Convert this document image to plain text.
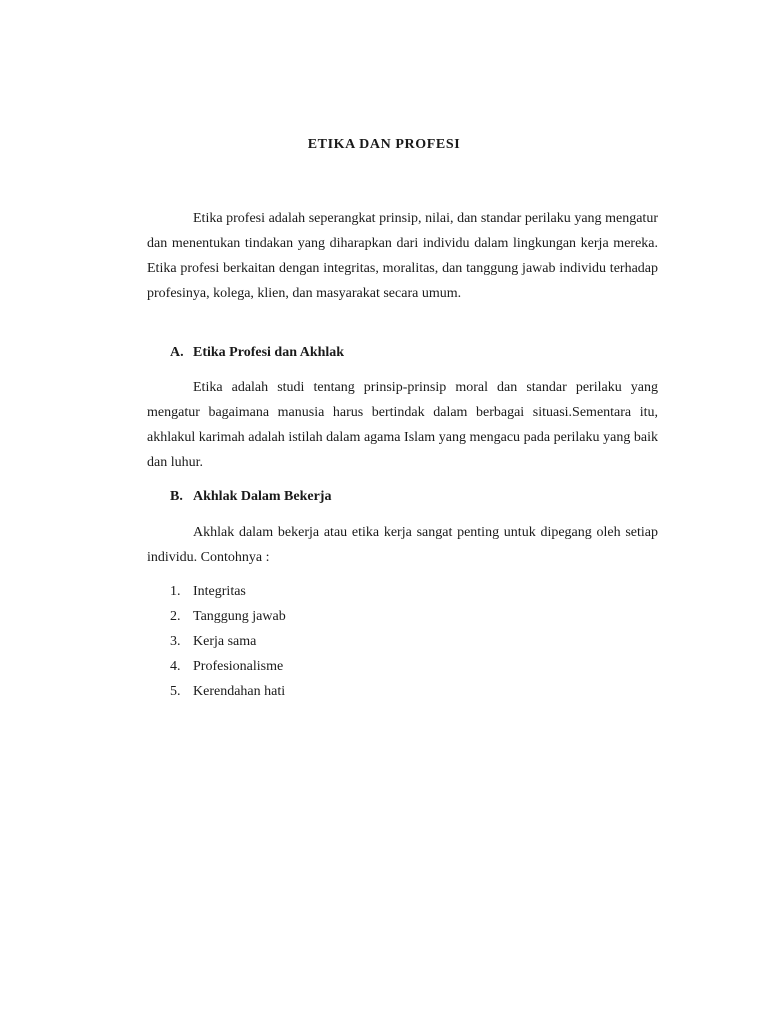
ETIKA DAN PROFESI

Etika profesi adalah seperangkat prinsip, nilai, dan standar perilaku yang mengatur dan menentukan tindakan yang diharapkan dari individu dalam lingkungan kerja mereka. Etika profesi berkaitan dengan integritas, moralitas, dan tanggung jawab individu terhadap profesinya, kolega, klien, dan masyarakat secara umum.

A. Etika Profesi dan Akhlak

Etika adalah studi tentang prinsip-prinsip moral dan standar perilaku yang mengatur bagaimana manusia harus bertindak dalam berbagai situasi.Sementara itu, akhlakul karimah adalah istilah dalam agama Islam yang mengacu pada perilaku yang baik dan luhur.

B. Akhlak Dalam Bekerja

Akhlak dalam bekerja atau etika kerja sangat penting untuk dipegang oleh setiap individu. Contohnya :

1. Integritas
2. Tanggung jawab
3. Kerja sama
4. Profesionalisme
5. Kerendahan hati
